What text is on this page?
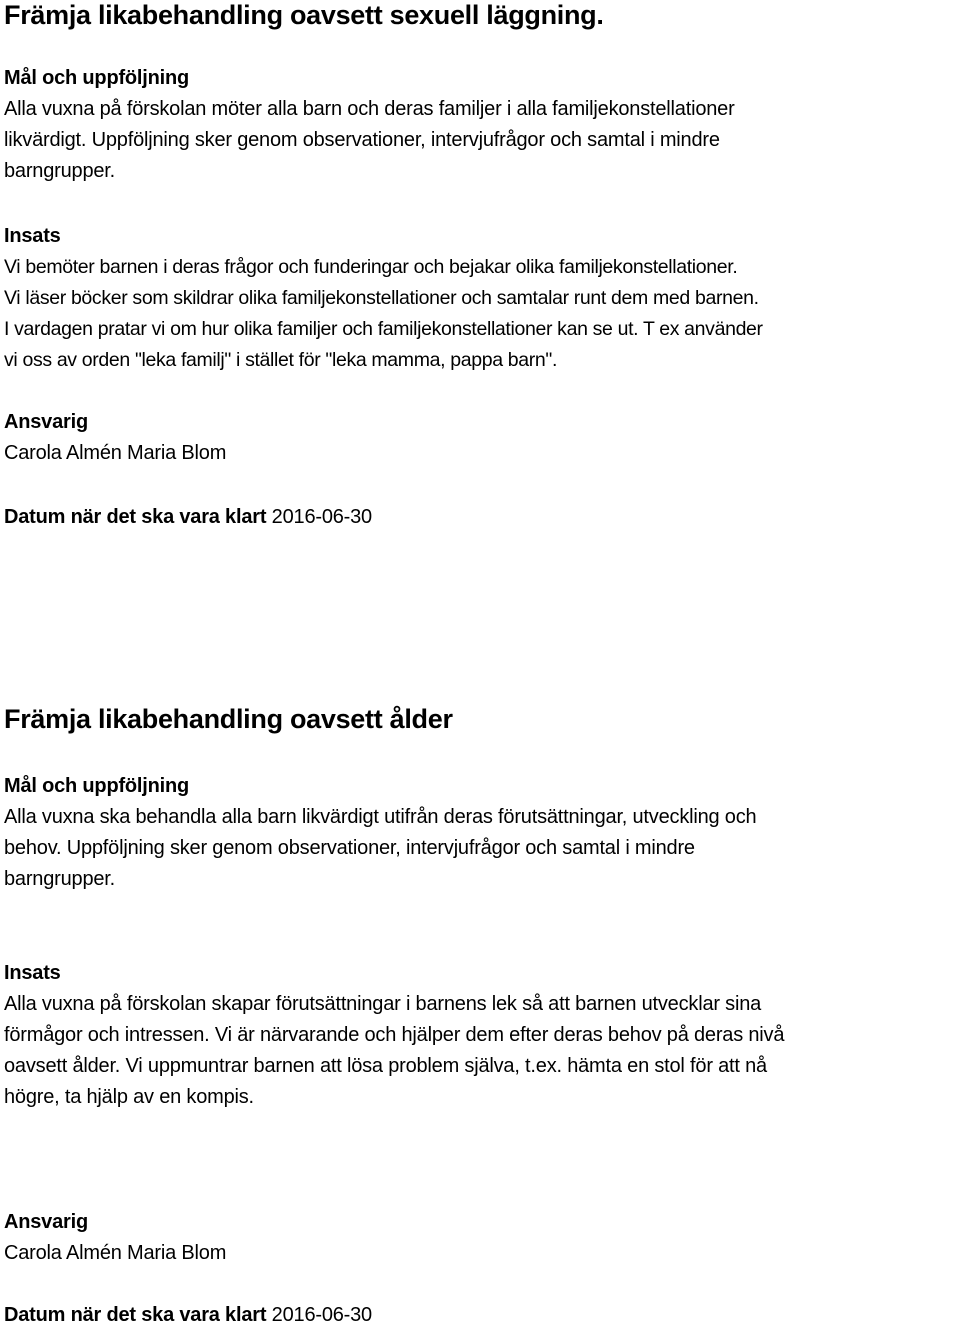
Främja likabehandling oavsett sexuell läggning.
Mål och uppföljning

Alla vuxna på förskolan möter alla barn och deras familjer i alla familjekonstellationer
likvärdigt. Uppföljning sker genom observationer, intervjufrågor och samtal i mindre
barngrupper.

Insats

Vi bemöter barnen i deras frågor och funderingar och bejakar olika familjekonstellationer.
Vi läser böcker som skildrar olika familjekonstellationer och samtalar runt dem med barnen.
I vardagen pratar vi om hur olika familjer och familjekonstellationer kan se ut. T ex använder
vi oss av orden "leka familj" i stället för "leka mamma, pappa barn".

Ansvarig
Carola Almén Maria Blom
Datum när det ska vara klart 2016-06-30
Främja likabehandling oavsett ålder
Mål och uppföljning

Alla vuxna ska behandla alla barn likvärdigt utifrån deras förutsättningar, utveckling och
behov. Uppföljning sker genom observationer, intervjufrågor och samtal i mindre
barngrupper.

Insats

Alla vuxna på förskolan skapar förutsättningar i barnens lek så att barnen utvecklar sina
förmågor och intressen. Vi är närvarande och hjälper dem efter deras behov på deras nivå
oavsett ålder. Vi uppmuntrar barnen att lösa problem själva, t.ex. hämta en stol för att nå
högre, ta hjälp av en kompis.

Ansvarig
Carola Almén Maria Blom
Datum när det ska vara klart 2016-06-30
